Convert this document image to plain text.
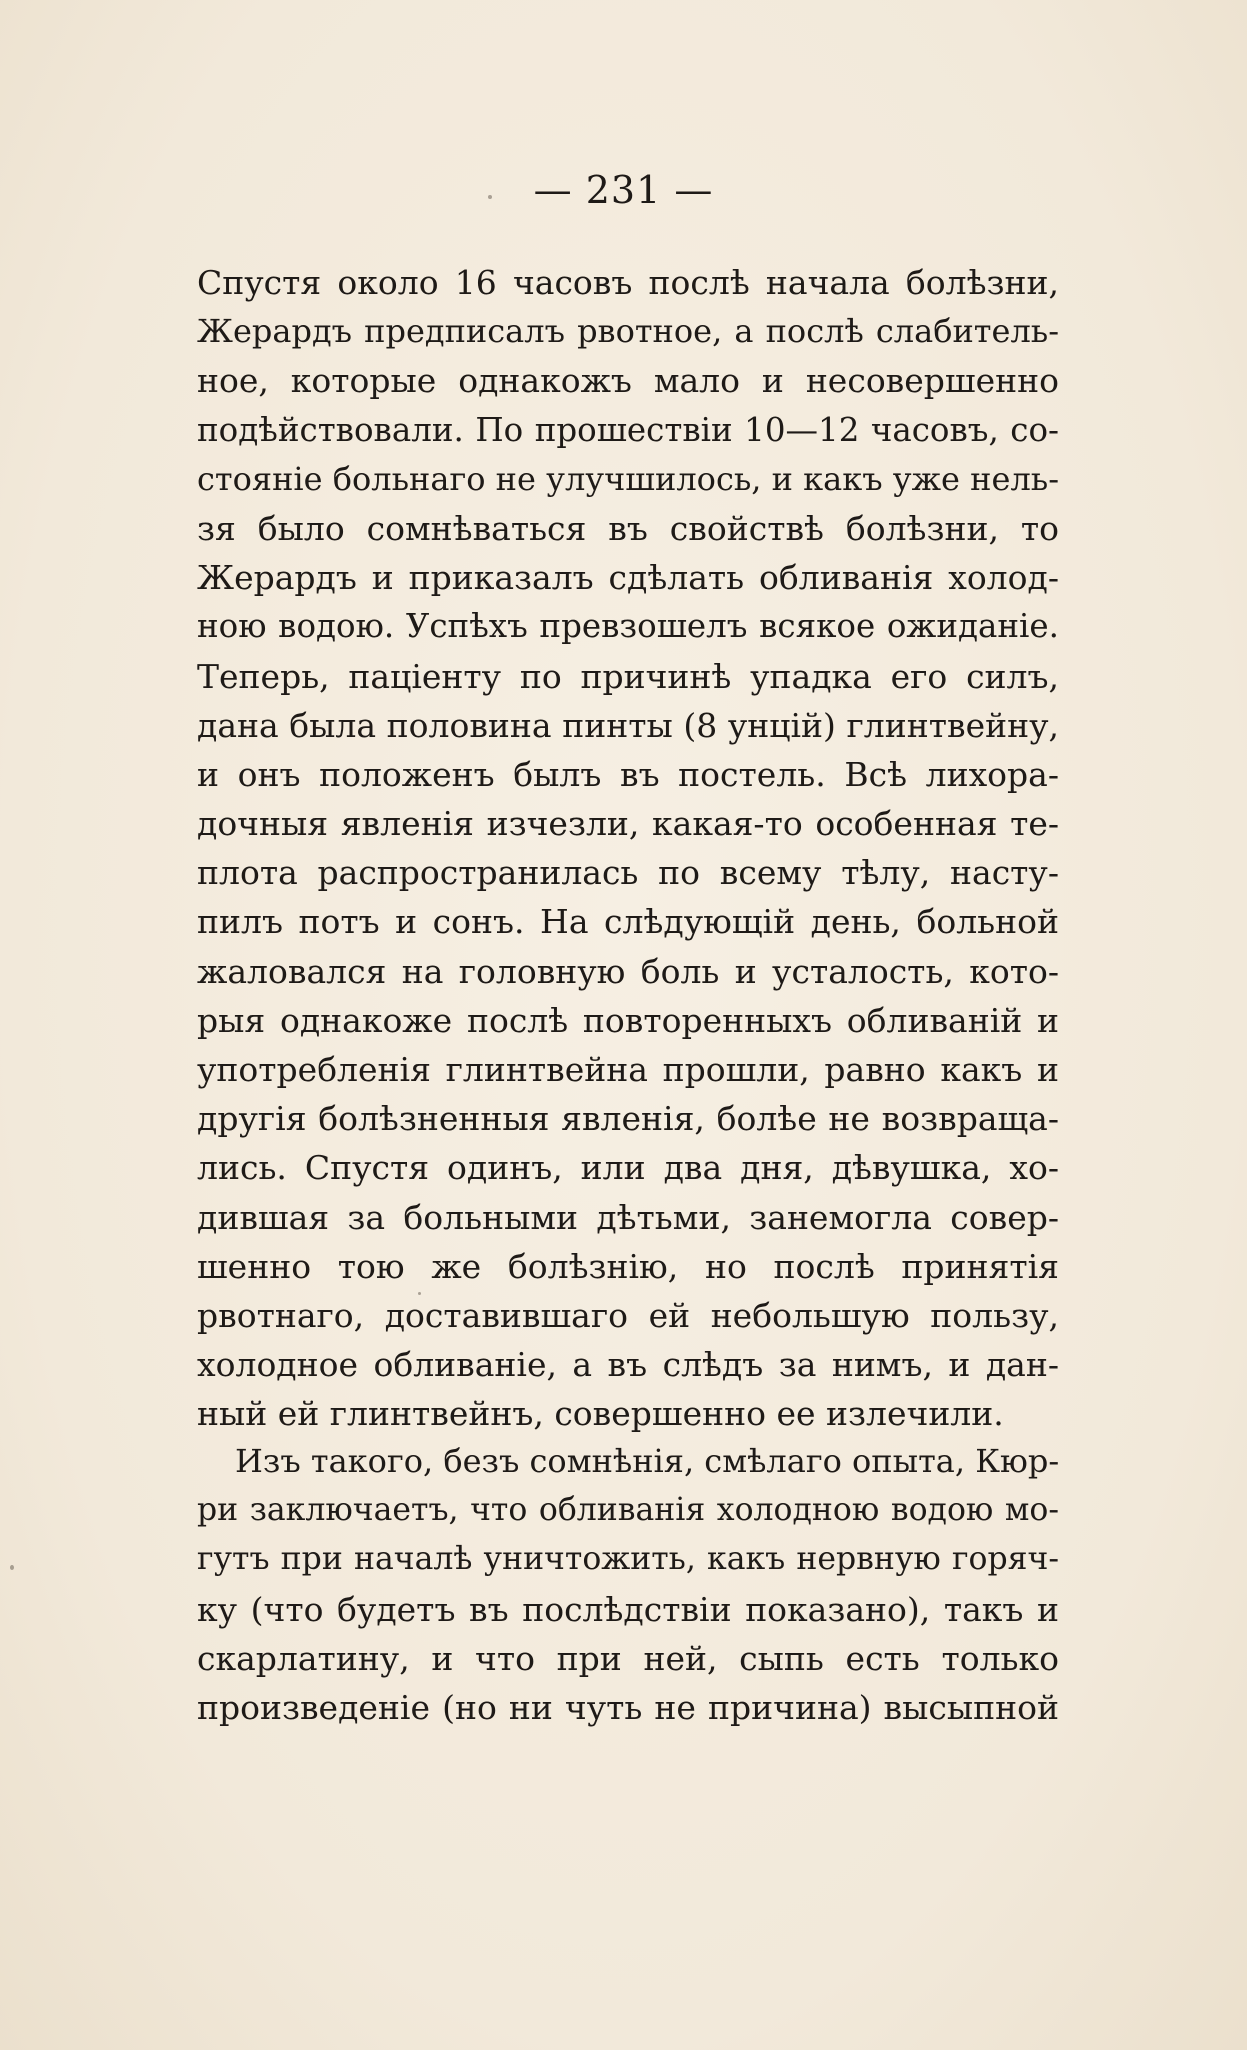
— 231 —
Спустя около 16 часовъ послѣ начала болѣзни,
Жерардъ предписалъ рвотное, а послѣ слабитель-
ное, которые однакожъ мало и несовершенно
подѣйствовали. По прошествіи 10—12 часовъ, со-
стояніе больнаго не улучшилось, и какъ уже нель-
зя было сомнѣваться въ свойствѣ болѣзни, то
Жерардъ и приказалъ сдѣлать обливанія холод-
ною водою. Успѣхъ превзошелъ всякое ожиданіе.
Теперь, паціенту по причинѣ упадка его силъ,
дана была половина пинты (8 унцій) глинтвейну,
и онъ положенъ былъ въ постель. Всѣ лихора-
дочныя явленія изчезли, какая-то особенная те-
плота распространилась по всему тѣлу, насту-
пилъ потъ и сонъ. На слѣдующій день, больной
жаловался на головную боль и усталость, кото-
рыя однакоже послѣ повторенныхъ обливаній и
употребленія глинтвейна прошли, равно какъ и
другія болѣзненныя явленія, болѣе не возвраща-
лись. Спустя одинъ, или два дня, дѣвушка, хо-
дившая за больными дѣтьми, занемогла совер-
шенно тою же болѣзнію, но послѣ принятія
рвотнаго, доставившаго ей небольшую пользу,
холодное обливаніе, а въ слѣдъ за нимъ, и дан-
ный ей глинтвейнъ, совершенно ее излечили.
Изъ такого, безъ сомнѣнія, смѣлаго опыта, Кюр-
ри заключаетъ, что обливанія холодною водою мо-
гутъ при началѣ уничтожить, какъ нервную горяч-
ку (что будетъ въ послѣдствіи показано), такъ и
скарлатину, и что при ней, сыпь есть только
произведеніе (но ни чуть не причина) высыпной
